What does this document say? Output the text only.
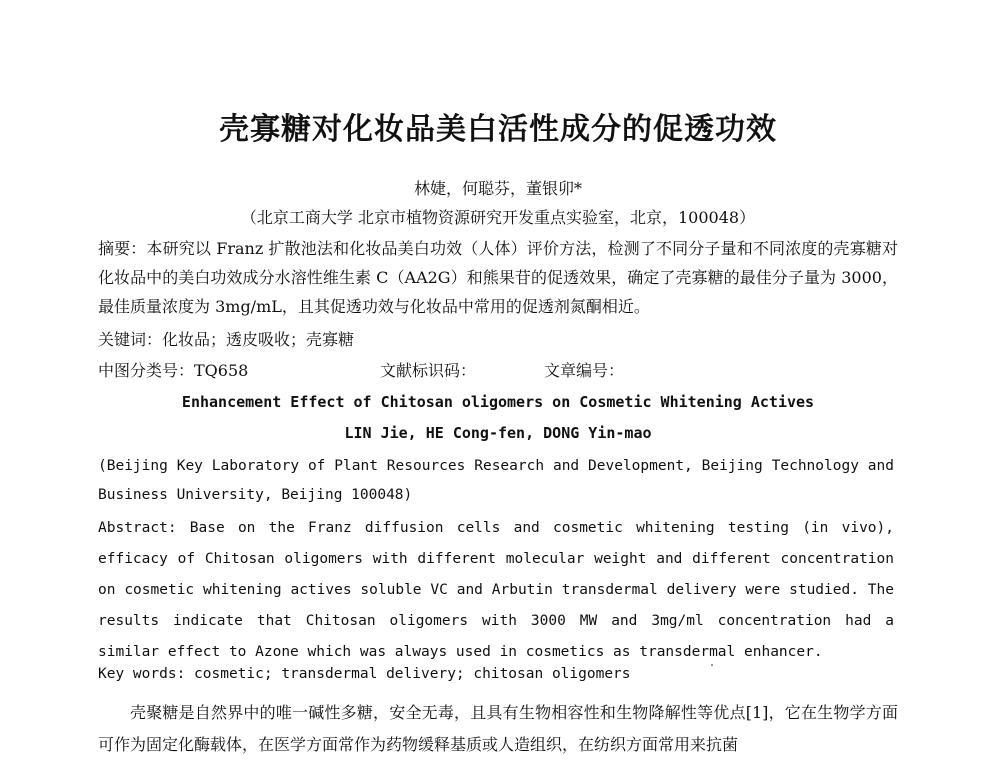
壳寡糖对化妆品美白活性成分的促透功效
林婕，何聪芬，董银卯*
（北京工商大学 北京市植物资源研究开发重点实验室，北京，100048）
摘要：本研究以 Franz 扩散池法和化妆品美白功效（人体）评价方法，检测了不同分子量和不同浓度的壳寡糖对化妆品中的美白功效成分水溶性维生素 C（AA2G）和熊果苷的促透效果，确定了壳寡糖的最佳分子量为 3000，最佳质量浓度为 3mg/mL，且其促透功效与化妆品中常用的促透剂氮酮相近。
关键词：化妆品；透皮吸收；壳寡糖
中图分类号：TQ658	文献标识码：	文章编号：
Enhancement Effect of Chitosan oligomers on Cosmetic Whitening Actives
LIN Jie, HE Cong-fen, DONG Yin-mao
(Beijing Key Laboratory of Plant Resources Research and Development, Beijing Technology and Business University, Beijing 100048)
Abstract: Base on the Franz diffusion cells and cosmetic whitening testing (in vivo), efficacy of Chitosan oligomers with different molecular weight and different concentration on cosmetic whitening actives soluble VC and Arbutin transdermal delivery were studied. The results indicate that Chitosan oligomers with 3000 MW and 3mg/ml concentration had a similar effect to Azone which was always used in cosmetics as transdermal enhancer.
Key words: cosmetic; transdermal delivery; chitosan oligomers
壳聚糖是自然界中的唯一碱性多糖，安全无毒，且具有生物相容性和生物降解性等优点[1]，它在生物学方面可作为固定化酶载体，在医学方面常作为药物缓释基质或人造组织，在纺织方面常用来抗菌
